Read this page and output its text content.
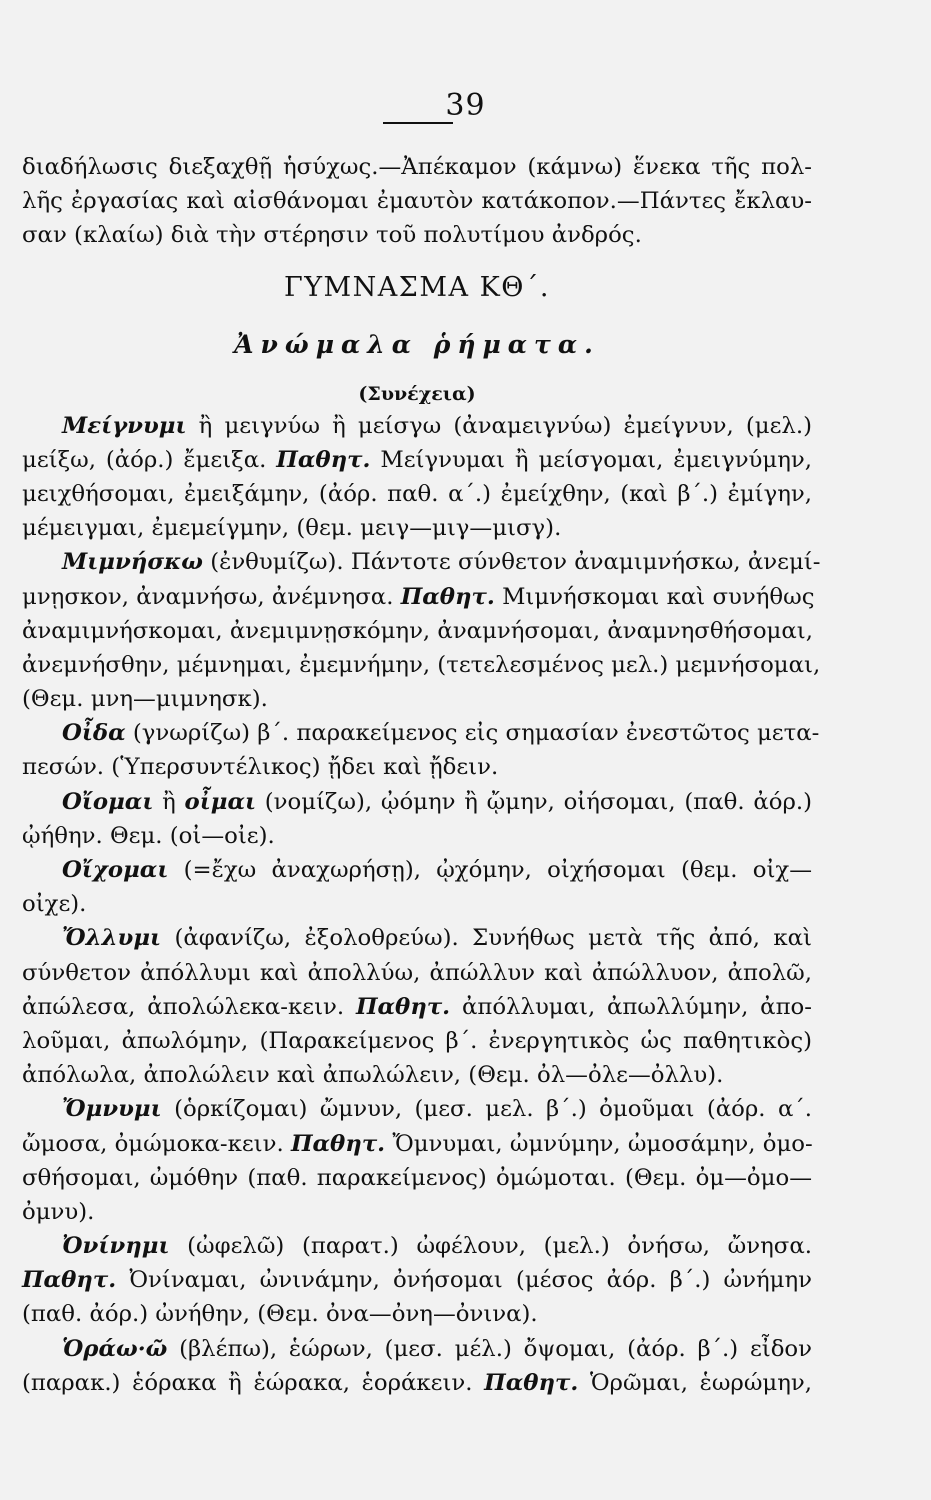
39
διαδήλωσις διεξαχθῇ ἡσύχως.—Ἀπέκαμον (κάμνω) ἕνεκα τῆς πολ-
λῆς ἐργασίας καὶ αἰσθάνομαι ἐμαυτὸν κατάκοπον.—Πάντες ἔκλαυ-
σαν (κλαίω) διὰ τὴν στέρησιν τοῦ πολυτίμου ἀνδρός.
ΓΥΜΝΑΣΜΑ ΚΘ΄.
Ἀνώμαλα ῥήματα.
(Συνέχεια)
Μείγνυμι ἢ μειγνύω ἢ μείσγω (ἀναμειγνύω) ἐμείγνυν, (μελ.)
μείξω, (ἀόρ.) ἔμειξα. Παθητ. Μείγνυμαι ἢ μείσγομαι, ἐμειγνύμην,
μειχθήσομαι, ἐμειξάμην, (ἀόρ. παθ. α΄.) ἐμείχθην, (καὶ β΄.) ἐμίγην,
μέμειγμαι, ἐμεμείγμην, (θεμ. μειγ—μιγ—μισγ).
Μιμνήσκω (ἐνθυμίζω). Πάντοτε σύνθετον ἀναμιμνήσκω, ἀνεμί-
μνῃσκον, ἀναμνήσω, ἀνέμνησα. Παθητ. Μιμνήσκομαι καὶ συνήθως
ἀναμιμνήσκομαι, ἀνεμιμνῃσκόμην, ἀναμνήσομαι, ἀναμνησθήσομαι,
ἀνεμνήσθην, μέμνημαι, ἐμεμνήμην, (τετελεσμένος μελ.) μεμνήσομαι,
(Θεμ. μνη—μιμνησκ).
Οἶδα (γνωρίζω) β΄. παρακείμενος εἰς σημασίαν ἐνεστῶτος μετα-
πεσών. (Ὑπερσυντέλικος) ᾔδει καὶ ᾔδειν.
Οἴομαι ἢ οἶμαι (νομίζω), ᾠόμην ἢ ᾤμην, οἰήσομαι, (παθ. ἀόρ.)
ᾠήθην. Θεμ. (οἰ—οἰε).
Οἴχομαι (=ἔχω ἀναχωρήσῃ), ᾠχόμην, οἰχήσομαι (θεμ. οἰχ—
οἰχε).
Ὄλλυμι (ἀφανίζω, ἐξολοθρεύω). Συνήθως μετὰ τῆς ἀπό, καὶ
σύνθετον ἀπόλλυμι καὶ ἀπολλύω, ἀπώλλυν καὶ ἀπώλλυον, ἀπολῶ,
ἀπώλεσα, ἀπολώλεκα-κειν. Παθητ. ἀπόλλυμαι, ἀπωλλύμην, ἀπο-
λοῦμαι, ἀπωλόμην, (Παρακείμενος β΄. ἐνεργητικὸς ὡς παθητικὸς)
ἀπόλωλα, ἀπολώλειν καὶ ἀπωλώλειν, (Θεμ. ὀλ—ὀλε—ὀλλυ).
Ὄμνυμι (ὁρκίζομαι) ὤμνυν, (μεσ. μελ. β΄.) ὀμοῦμαι (ἀόρ. α΄.
ὤμοσα, ὀμώμοκα-κειν. Παθητ. Ὄμνυμαι, ὠμνύμην, ὠμοσάμην, ὀμο-
σθήσομαι, ὠμόθην (παθ. παρακείμενος) ὀμώμοται. (Θεμ. ὀμ—ὀμο—
ὀμνυ).
Ὀνίνημι (ὠφελῶ) (παρατ.) ὠφέλουν, (μελ.) ὀνήσω, ὤνησα.
Παθητ. Ὀνίναμαι, ὠνινάμην, ὀνήσομαι (μέσος ἀόρ. β΄.) ὠνήμην
(παθ. ἀόρ.) ὠνήθην, (Θεμ. ὀνα—ὀνη—ὀνινα).
Ὁράω·ῶ (βλέπω), ἑώρων, (μεσ. μέλ.) ὄψομαι, (ἀόρ. β΄.) εἶδον
(παρακ.) ἑόρακα ἢ ἑώρακα, ἑοράκειν. Παθητ. Ὁρῶμαι, ἑωρώμην,
